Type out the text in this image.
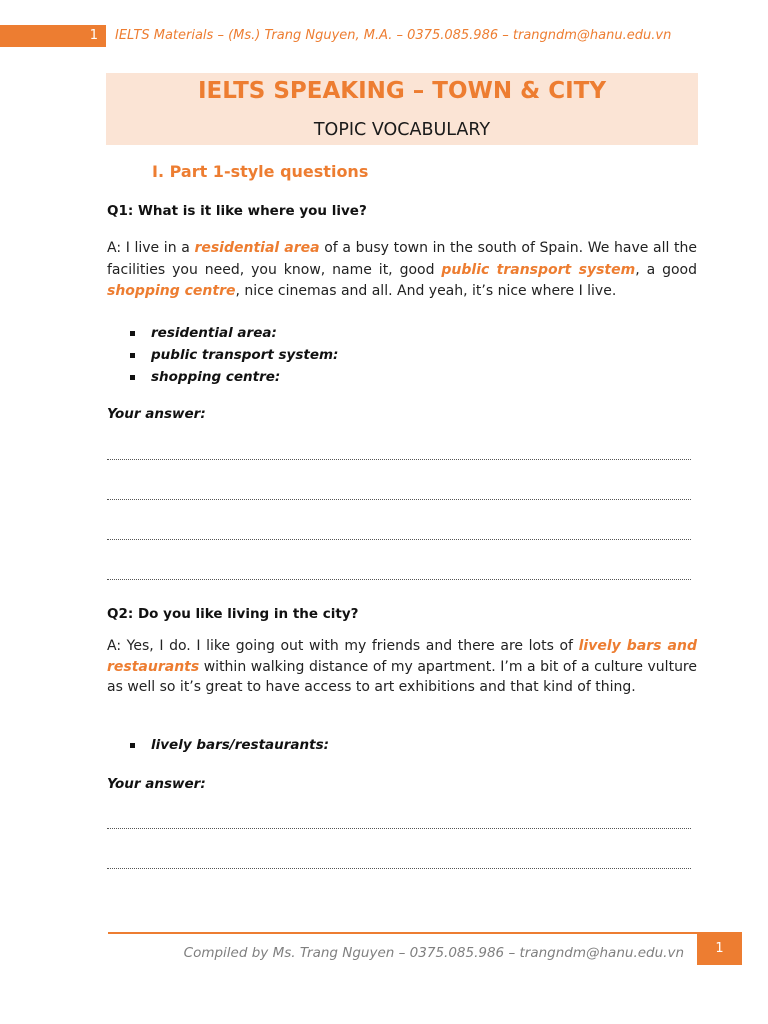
1	IELTS Materials – (Ms.) Trang Nguyen, M.A. – 0375.085.986 – trangndm@hanu.edu.vn
IELTS SPEAKING – TOWN & CITY
TOPIC VOCABULARY
I. Part 1-style questions
Q1: What is it like where you live?
A: I live in a residential area of a busy town in the south of Spain. We have all the facilities you need, you know, name it, good public transport system, a good shopping centre, nice cinemas and all. And yeah, it’s nice where I live.
residential area:
public transport system:
shopping centre:
Your answer:
Q2: Do you like living in the city?
A: Yes, I do. I like going out with my friends and there are lots of lively bars and restaurants within walking distance of my apartment. I’m a bit of a culture vulture as well so it’s great to have access to art exhibitions and that kind of thing.
lively bars/restaurants:
Your answer:
Compiled by Ms. Trang Nguyen – 0375.085.986 – trangndm@hanu.edu.vn	1
